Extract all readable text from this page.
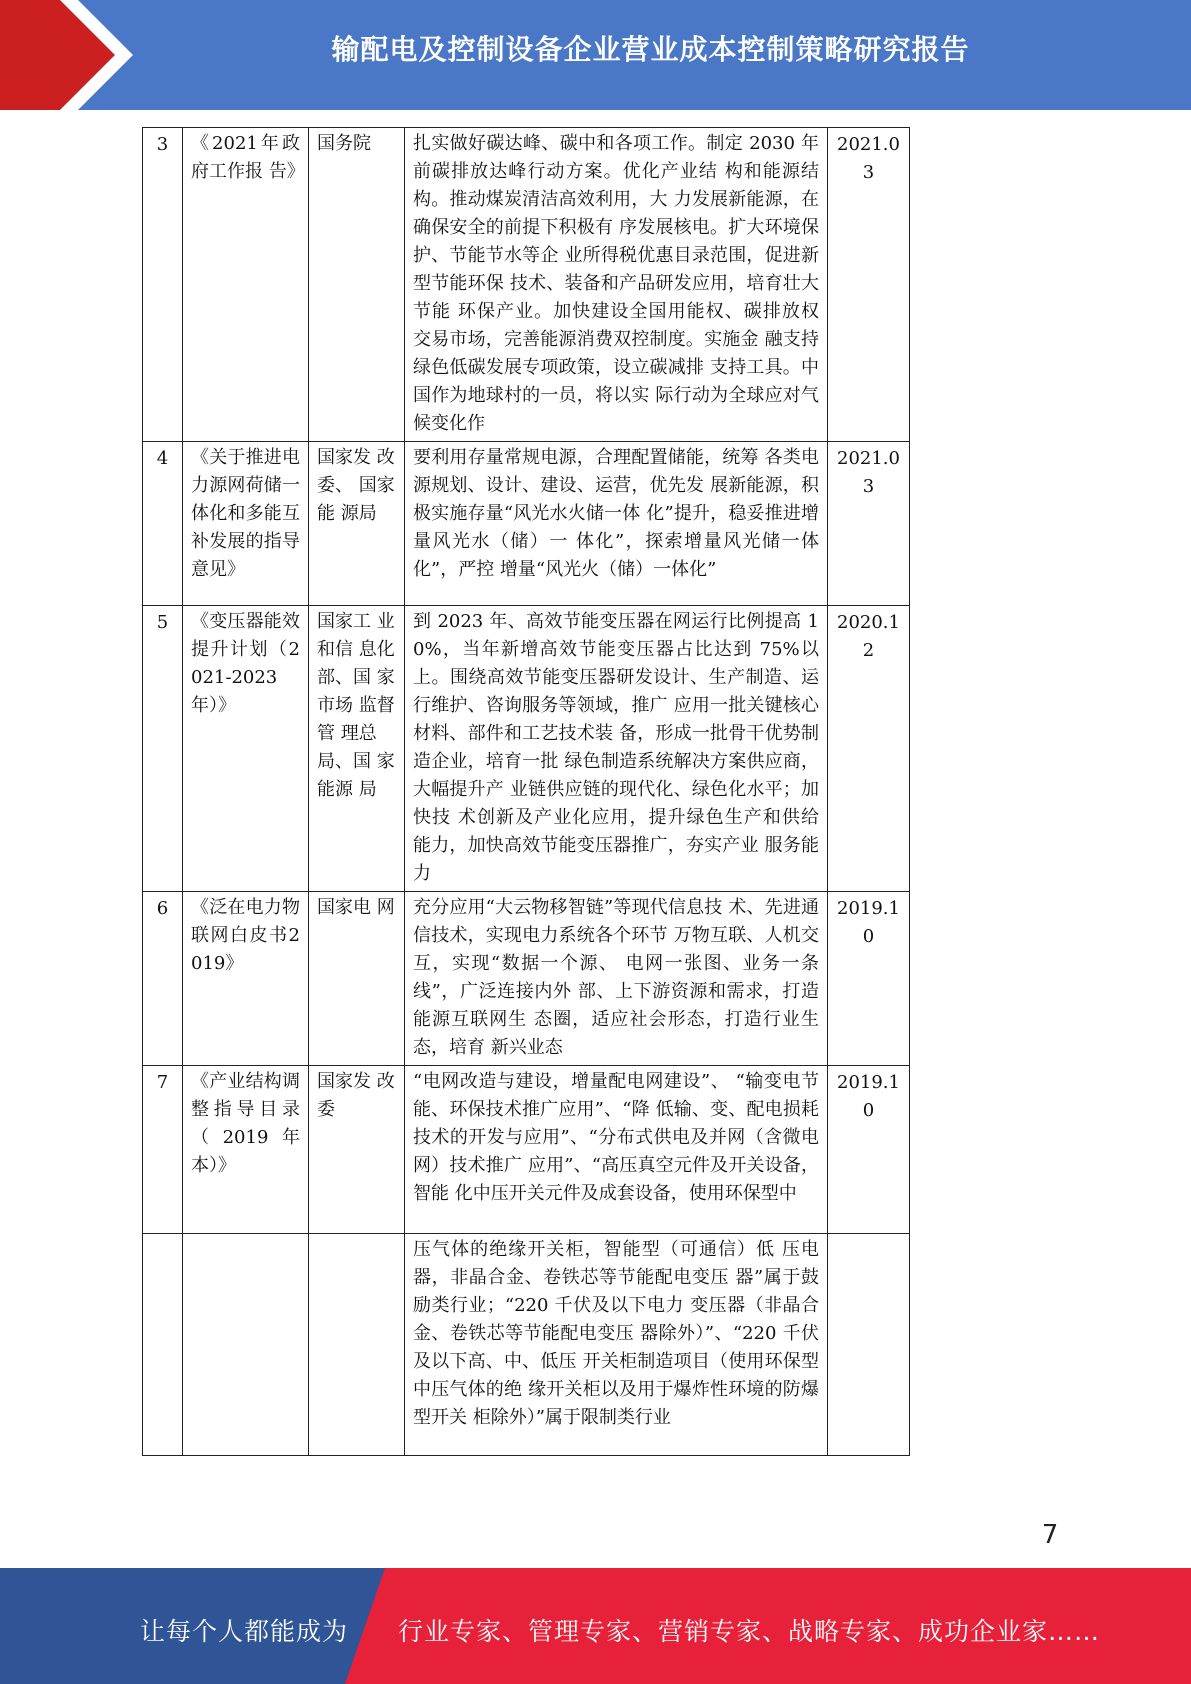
输配电及控制设备企业营业成本控制策略研究报告
3	《2021年政府工作报 告》	国务院	扎实做好碳达峰、碳中和各项工作。制定 2030 年前碳排放达峰行动方案。优化产业结 构和能源结构。推动煤炭清洁高效利用，大 力发展新能源，在确保安全的前提下积极有 序发展核电。扩大环境保护、节能节水等企 业所得税优惠目录范围，促进新型节能环保 技术、装备和产品研发应用，培育壮大节能 环保产业。加快建设全国用能权、碳排放权 交易市场，完善能源消费双控制度。实施金 融支持绿色低碳发展专项政策，设立碳减排 支持工具。中国作为地球村的一员，将以实 际行动为全球应对气候变化作	2021.03
4	《关于推进电力源网荷储一体化和多能互补发展的指导意见》	国家发 改委、 国家能 源局	要利用存量常规电源，合理配置储能，统筹 各类电源规划、设计、建设、运营，优先发 展新能源，积极实施存量“风光水火储一体 化”提升，稳妥推进增量风光水（储）一 体化”，探索增量风光储一体化”，严控 增量“风光火（储）一体化”	2021.03
5	《变压器能效提升计划（2021-2023年）》	国家工 业和信 息化部、国 家市场 监督管 理总局、国 家能源 局	到 2023 年、高效节能变压器在网运行比例提高 10%，当年新增高效节能变压器占比达到 75%以上。围绕高效节能变压器研发设计、生产制造、运行维护、咨询服务等领域，推广 应用一批关键核心材料、部件和工艺技术装 备，形成一批骨干优势制造企业，培育一批 绿色制造系统解决方案供应商，大幅提升产 业链供应链的现代化、绿色化水平；加快技 术创新及产业化应用，提升绿色生产和供给 能力，加快高效节能变压器推广，夯实产业 服务能力	2020.12
6	《泛在电力物联网白皮书2019》	国家电 网	充分应用“大云物移智链”等现代信息技 术、先进通信技术，实现电力系统各个环节 万物互联、人机交互，实现“数据一个源、 电网一张图、业务一条线”，广泛连接内外 部、上下游资源和需求，打造能源互联网生 态圈，适应社会形态，打造行业生态，培育 新兴业态	2019.10
7	《产业结构调整指导目录（2019年本）》	国家发 改委	“电网改造与建设，增量配电网建设”、 “输变电节能、环保技术推广应用”、“降 低输、变、配电损耗技术的开发与应用”、“分布式供电及并网（含微电网）技术推广 应用”、“高压真空元件及开关设备，智能 化中压开关元件及成套设备，使用环保型中	2019.10
			压气体的绝缘开关柜，智能型（可通信）低 压电器，非晶合金、卷铁芯等节能配电变压 器”属于鼓励类行业；“220 千伏及以下电力 变压器（非晶合金、卷铁芯等节能配电变压 器除外）”、“220 千伏及以下高、中、低压 开关柜制造项目（使用环保型中压气体的绝 缘开关柜以及用于爆炸性环境的防爆型开关 柜除外）”属于限制类行业	
7
让每个人都能成为 行业专家、管理专家、营销专家、战略专家、成功企业家……
